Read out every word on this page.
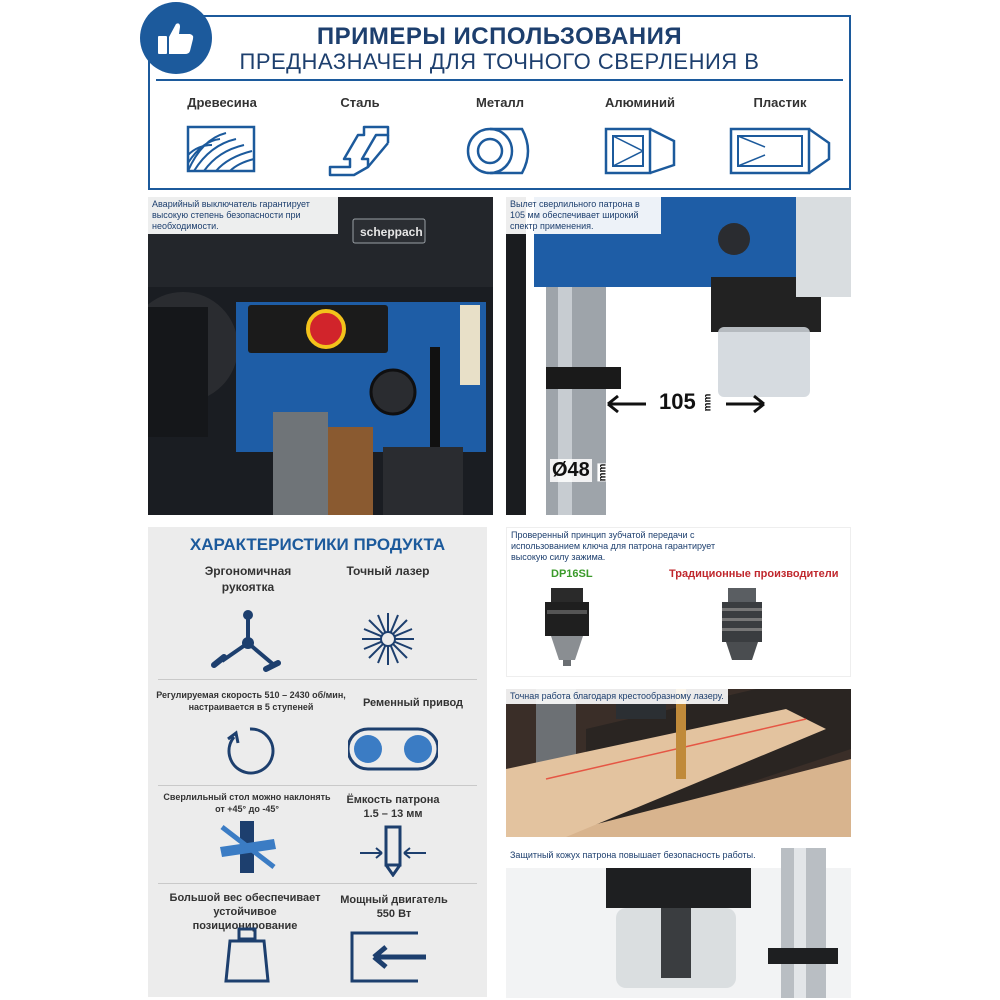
ПРИМЕРЫ ИСПОЛЬЗОВАНИЯ
ПРЕДНАЗНАЧЕН ДЛЯ ТОЧНОГО СВЕРЛЕНИЯ В
Древесина	Сталь	Металл	Алюминий	Пластик
Аварийный выключатель гарантирует высокую степень безопасности при необходимости.	scheppach
Вылет сверлильного патрона в 105 мм обеспечивает широкий спектр применения.
105 mm
Ø48 mm
ХАРАКТЕРИСТИКИ ПРОДУКТА
Эргономичная рукоятка
Точный лазер
Регулируемая скорость 510 – 2430 об/мин, настраивается в 5 ступеней	Ременный привод
Сверлильный стол можно наклонять от +45° до -45°
Ёмкость патрона 1.5 – 13 мм
Большой вес обеспечивает устойчивое позиционирование
Мощный двигатель 550 Вт
Проверенный принцип зубчатой передачи с использованием ключа для патрона гарантирует высокую силу зажима.
DP16SL	Традиционные производители
Точная работа благодаря крестообразному лазеру.
Защитный кожух патрона повышает безопасность работы.
